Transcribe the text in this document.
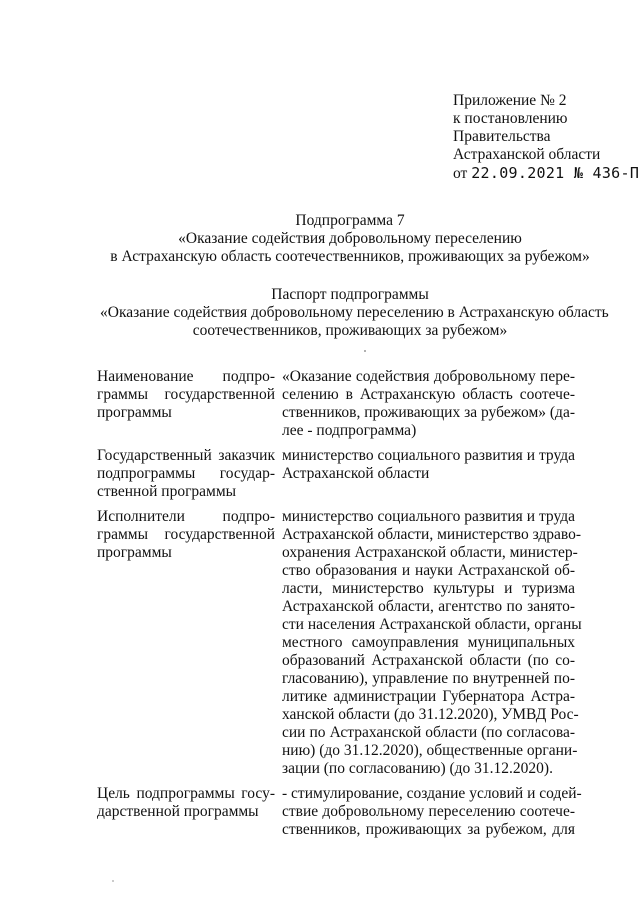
Приложение № 2
к постановлению
Правительства
Астраханской области
от 22.09.2021 № 436-П
Подпрограмма 7
«Оказание содействия добровольному переселению
в Астраханскую область соотечественников, проживающих за рубежом»
Паспорт подпрограммы
«Оказание содействия добровольному переселению в Астраханскую область
соотечественников, проживающих за рубежом»
Наименование подпро-
граммы государственной
программы
«Оказание содействия добровольному пере-
селению в Астраханскую область соотече-
ственников, проживающих за рубежом» (да-
лее - подпрограмма)
Государственный заказчик
подпрограммы государ-
ственной программы
министерство социального развития и труда
Астраханской области
Исполнители подпро-
граммы государственной
программы
министерство социального развития и труда
Астраханской области, министерство здраво-
охранения Астраханской области, министер-
ство образования и науки Астраханской об-
ласти, министерство культуры и туризма
Астраханской области, агентство по занято-
сти населения Астраханской области, органы
местного самоуправления муниципальных
образований Астраханской области (по со-
гласованию), управление по внутренней по-
литике администрации Губернатора Астра-
ханской области (до 31.12.2020), УМВД Рос-
сии по Астраханской области (по согласова-
нию) (до 31.12.2020), общественные органи-
зации (по согласованию) (до 31.12.2020).
Цель подпрограммы госу-
дарственной программы
- стимулирование, создание условий и содей-
ствие добровольному переселению соотече-
ственников, проживающих за рубежом, для
